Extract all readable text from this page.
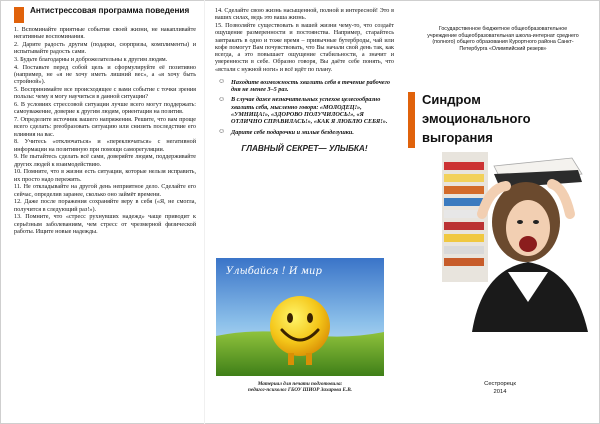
Антистрессовая программа поведения
1. Вспоминайте приятные события своей жизни, не накапливайте негативные воспоминания.
2. Дарите радость другим (подарки, сюрпризы, комплименты) и испытывайте радость сами.
3. Будьте благодарны и доброжелательны к другим людям.
4. Поставьте перед собой цель и сформулируйте её позитивно (например, не «я не хочу иметь лишний вес», а «я хочу быть стройной»).
5. Воспринимайте все происходящее с вами событие с точки зрения пользы: чему я могу научиться в данной ситуации?
6. В условиях стрессовой ситуации лучше всего могут поддержать: самоуважение, доверие к другим людям, ориентация на позитив.
7. Определите источник вашего напряжения. Решите, что вам проще всего сделать: preобразовать ситуацию или снизить последствие его влияния на вас.
8. Учитесь «отключаться» и «переключаться» с негативной информации на позитивную при помощи саморегуляции.
9. Не пытайтесь сделать всё сами, доверяйте людям, поддерживайте других людей к взаимодействию.
10. Помните, что в жизни есть ситуации, которые нельзя исправить, их просто надо пережить.
11. Не откладывайте на другой день неприятное дело. Сделайте его сейчас, определив заранее, сколько оно займёт времени.
12. Даже после поражения сохраняйте веру в себя («Я, не смогла, получится в следующий раз!»).
13. Помните, что «стресс рухнувших надежд» чаще приводит к серьёзным заболеваниям, чем стресс от чрезмерной физической работы. Ищите новые надежды.

14. Сделайте свою жизнь насыщенной, полной и интересной! Это в ваших силах, ведь это ваша жизнь.

15. Позволяйте существовать в вашей жизни чему-то, что создаёт ощущение размеренности и постоянства. Например, старайтесь завтракать в одно и тоже время – привычные бутерброды, чай или кофе помогут Вам почувствовать, что Вы начали свой день так, как всегда, а это повышает ощущение стабильности, а значит и уверенности в себе. Образно говоря, Вы даёте себе понять, что «встали с нужной ноги» и всё идёт по плану.

☺ Находите возможность хвалить себя в течение рабочего дня не менее 3–5 раз.
☺ В случае даже незначительных успехов целесообразно хвалить себя, мысленно говоря: «МОЛОДЕЦ!», «УМНИЦА!», «ЗДОРОВО ПОЛУЧИЛОСЬ!», «Я ОТЛИЧНО СПРАВИЛАСЬ!», «КАК Я ЛЮБЛЮ СЕБЯ!».
☺ Дарите себе подарочки и милые безделушки.
ГЛАВНЫЙ СЕКРЕТ— УЛЫБКА!
Улыбайся ! И мир
Материал для печати подготовила:
педагог-психолог ГБОУ ШИОР Захарова Е.В.
Государственное бюджетное общеобразовательное
учреждение общеобразовательная школа-интернат среднего
(полного) общего образования Курортного района Санкт-
Петербурга «Олимпийский резерв»
Синдром
эмоционального
выгорания
Сестрорецк
2014
